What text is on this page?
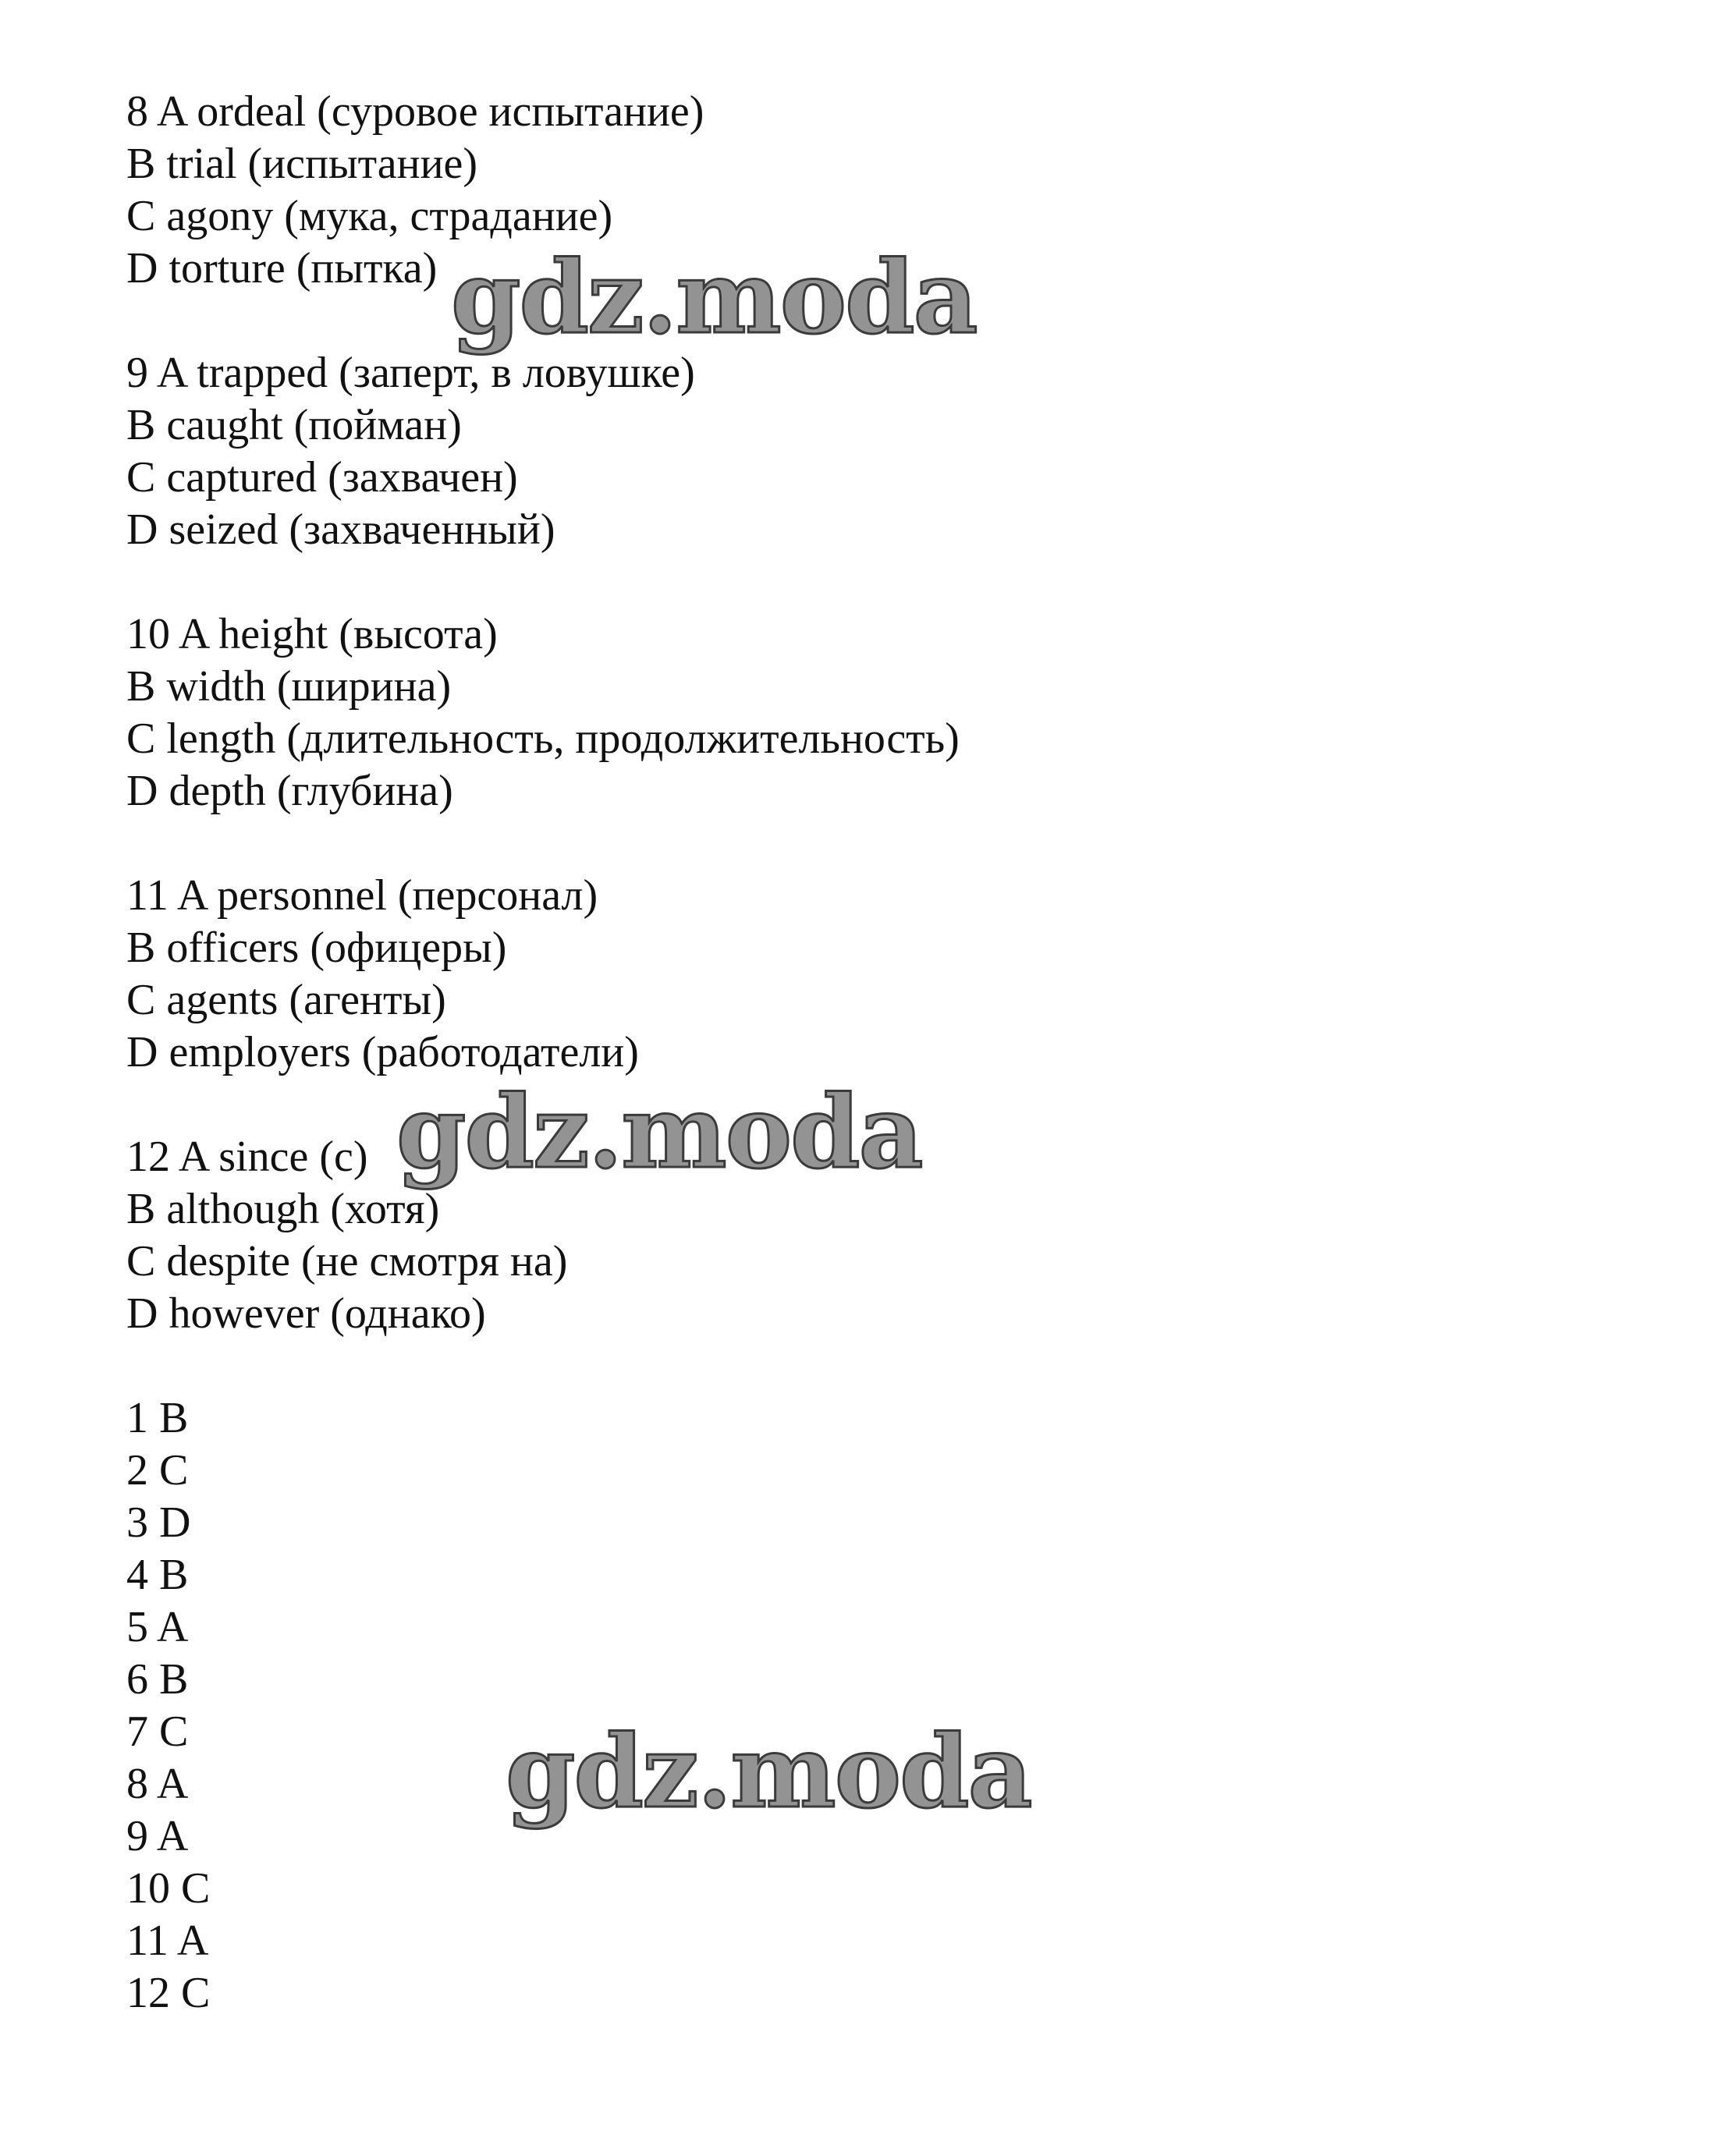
8 A ordeal (суровое испытание)
B trial (испытание)
C agony (мука, страдание)
D torture (пытка)
9 A trapped (заперт, в ловушке)
B caught (пойман)
C captured (захвачен)
D seized (захваченный)
10 A height (высота)
B width (ширина)
C length (длительность, продолжительность)
D depth (глубина)
11 A personnel (персонал)
B officers (офицеры)
C agents (агенты)
D employers (работодатели)
12 A since (с)
B although (хотя)
C despite (не смотря на)
D however (однако)
1 B
2 C
3 D
4 B
5 A
6 B
7 C
8 A
9 A
10 C
11 A
12 C
gdz.moda
gdz.moda
gdz.moda
